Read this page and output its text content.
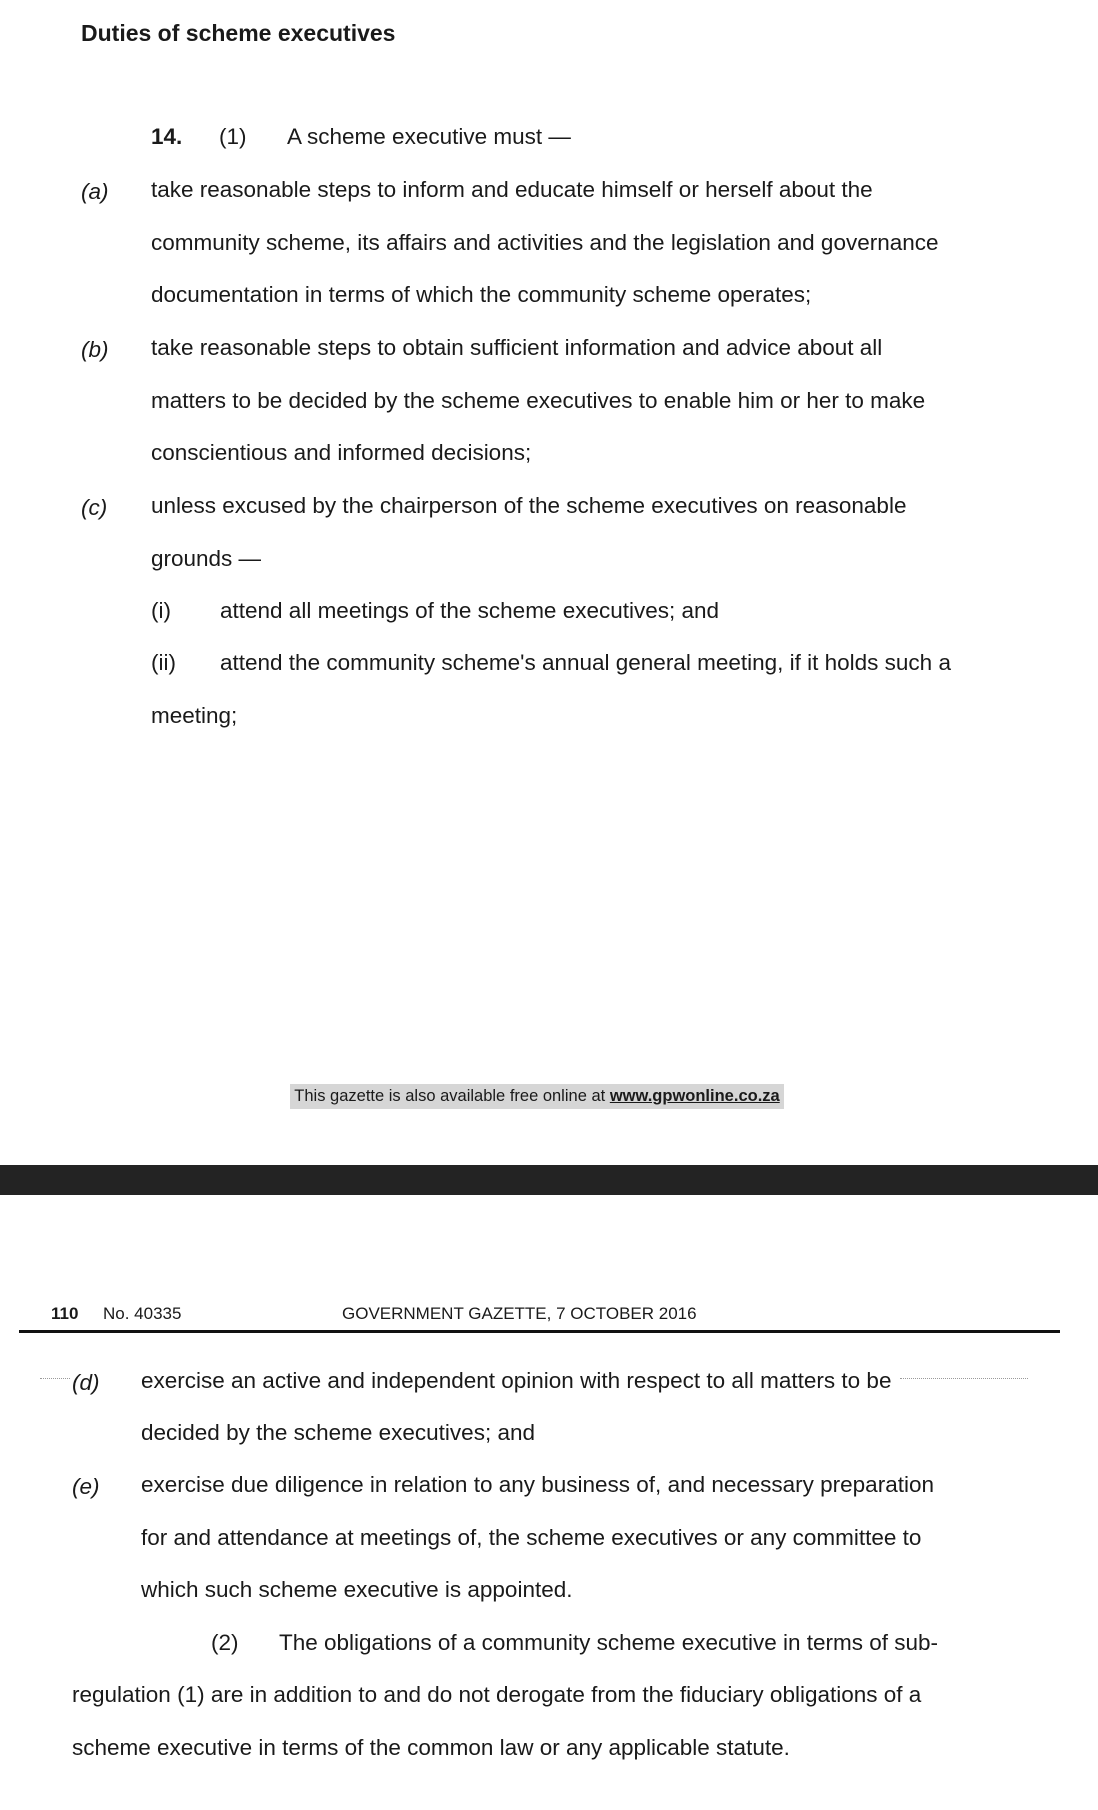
Duties of scheme executives
14. (1) A scheme executive must —
(a) take reasonable steps to inform and educate himself or herself about the
community scheme, its affairs and activities and the legislation and governance
documentation in terms of which the community scheme operates;
(b) take reasonable steps to obtain sufficient information and advice about all
matters to be decided by the scheme executives to enable him or her to make
conscientious and informed decisions;
(c) unless excused by the chairperson of the scheme executives on reasonable
grounds —
(i) attend all meetings of the scheme executives; and
(ii) attend the community scheme's annual general meeting, if it holds such a
meeting;
This gazette is also available free online at www.gpwonline.co.za
110 No. 40335	GOVERNMENT GAZETTE, 7 OCTOBER 2016
(d) exercise an active and independent opinion with respect to all matters to be
decided by the scheme executives; and
(e) exercise due diligence in relation to any business of, and necessary preparation
for and attendance at meetings of, the scheme executives or any committee to
which such scheme executive is appointed.
(2) The obligations of a community scheme executive in terms of sub-
regulation (1) are in addition to and do not derogate from the fiduciary obligations of a
scheme executive in terms of the common law or any applicable statute.
